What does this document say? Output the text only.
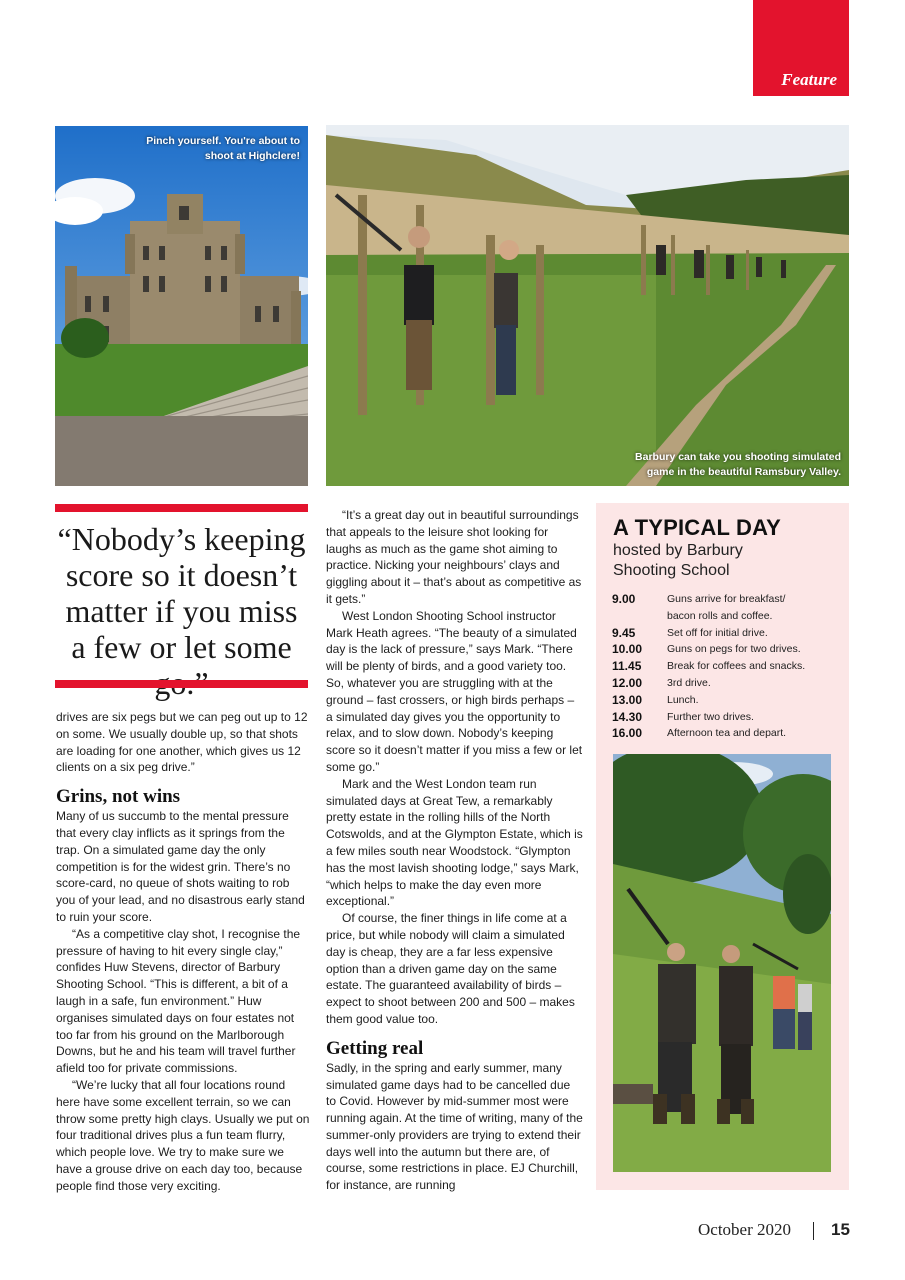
Feature
Pinch yourself. You're about to shoot at Highclere!
Barbury can take you shooting simulated game in the beautiful Ramsbury Valley.
“Nobody’s keeping score so it doesn’t matter if you miss a few or let some

drives are six pegs but we can peg out up to 12 on some. We usually double up, so that shots are loading for one another, which gives us 12 clients on a six peg drive.”

Grins, not wins

Many of us succumb to the mental pressure that every clay inflicts as it springs from the trap. On a simulated game day the only competition is for the widest grin. There’s no score-card, no queue of shots waiting to rob you of your lead, and no disastrous early stand to ruin your score.

“As a competitive clay shot, I recognise the pressure of having to hit every single clay,” confides Huw Stevens, director of Barbury Shooting School. “This is different, a bit of a laugh in a safe, fun environment.” Huw organises simulated days on four estates not too far from his ground on the Marlborough Downs, but he and his team will travel further afield too for private commissions.

“We’re lucky that all four locations round here have some excellent terrain, so we can throw some pretty high clays. Usually we put on four traditional drives plus a fun team flurry, which people love. We try to make sure we have a grouse drive on each day too, because people find those very exciting.

“It’s a great day out in beautiful surroundings that appeals to the leisure shot looking for laughs as much as the game shot aiming to practice. Nicking your neighbours’ clays and giggling about it – that’s about as competitive as it gets.”

West London Shooting School instructor Mark Heath agrees. “The beauty of a simulated day is the lack of pressure,” says Mark. “There will be plenty of birds, and a good variety too. So, whatever you are struggling with at the ground – fast crossers, or high birds perhaps – a simulated day gives you the opportunity to relax, and to slow down. Nobody’s keeping score so it doesn’t matter if you miss a few or let some go.”

Mark and the West London team run simulated days at Great Tew, a remarkably pretty estate in the rolling hills of the North Cotswolds, and at the Glympton Estate, which is a few miles south near Woodstock. “Glympton has the most lavish shooting lodge,” says Mark, “which helps to make the day even more exceptional.”

Of course, the finer things in life come at a price, but while nobody will claim a simulated day is cheap, they are a far less expensive option than a driven game day on the same estate. The guaranteed availability of birds – expect to shoot between 200 and 500 – makes them good value too.

Getting real

Sadly, in the spring and early summer, many simulated game days had to be cancelled due to Covid. However by mid-summer most were running again. At the time of writing, many of the summer-only providers are trying to extend their days well into the autumn but there are, of course, some restrictions in place. EJ Churchill, for instance, are running

A TYPICAL DAY
hosted by Barbury Shooting School
9.00	Guns arrive for breakfast/
bacon rolls and coffee.
9.45	Set off for initial drive.
10.00	Guns on pegs for two drives.
11.45	Break for coffees and snacks.
12.00	3rd drive.
13.00	Lunch.
14.30	Further two drives.
16.00	Afternoon tea and depart.
October 2020 15
